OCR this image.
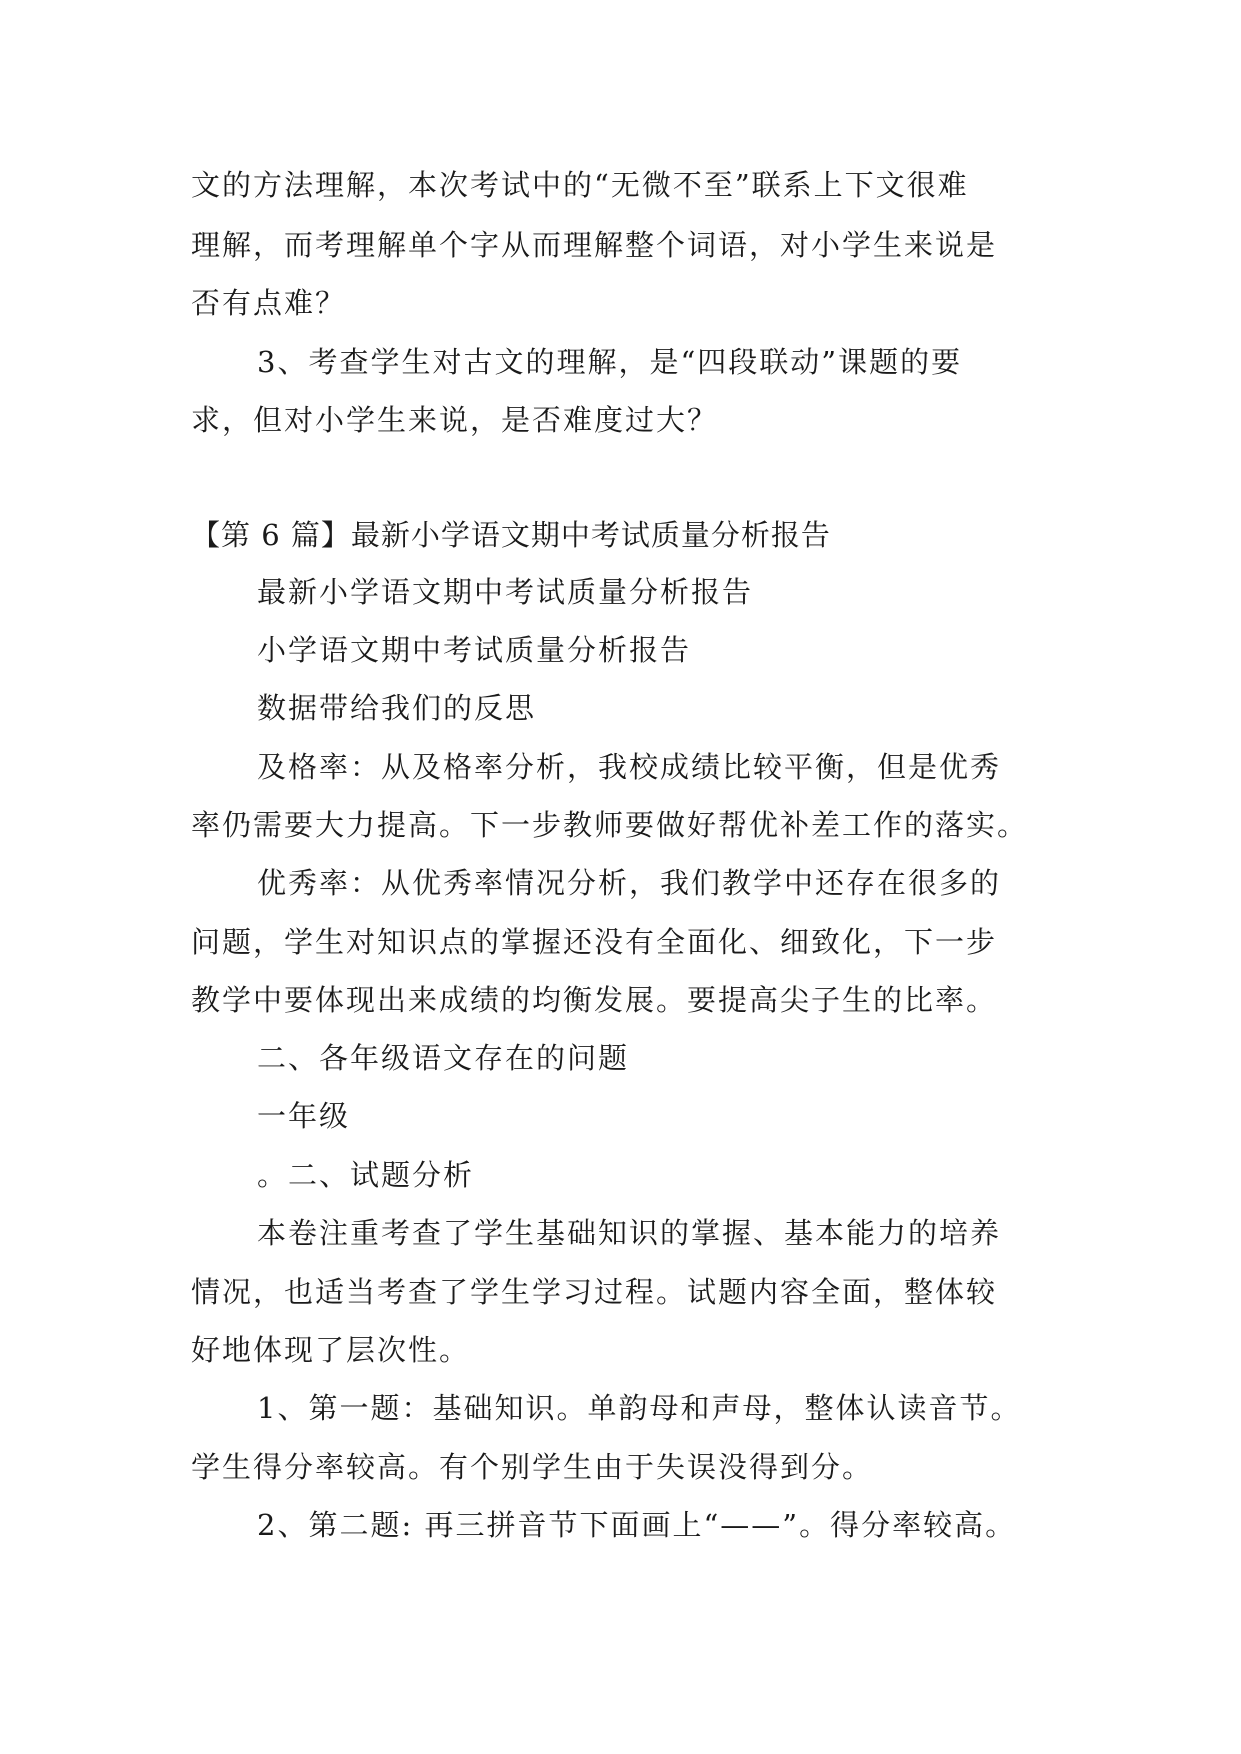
文的方法理解，本次考试中的“无微不至”联系上下文很难
理解，而考理解单个字从而理解整个词语，对小学生来说是
否有点难？
3、考查学生对古文的理解，是“四段联动”课题的要
求，但对小学生来说，是否难度过大？
【第 6 篇】最新小学语文期中考试质量分析报告
最新小学语文期中考试质量分析报告
小学语文期中考试质量分析报告
数据带给我们的反思
及格率：从及格率分析，我校成绩比较平衡，但是优秀
率仍需要大力提高。下一步教师要做好帮优补差工作的落实。
优秀率：从优秀率情况分析，我们教学中还存在很多的
问题，学生对知识点的掌握还没有全面化、细致化，下一步
教学中要体现出来成绩的均衡发展。要提高尖子生的比率。
二、各年级语文存在的问题
一年级
。二、试题分析
本卷注重考查了学生基础知识的掌握、基本能力的培养
情况，也适当考查了学生学习过程。试题内容全面，整体较
好地体现了层次性。
1、第一题：基础知识。单韵母和声母，整体认读音节。
学生得分率较高。有个别学生由于失误没得到分。
2、第二题: 再三拼音节下面画上“——”。得分率较高。
